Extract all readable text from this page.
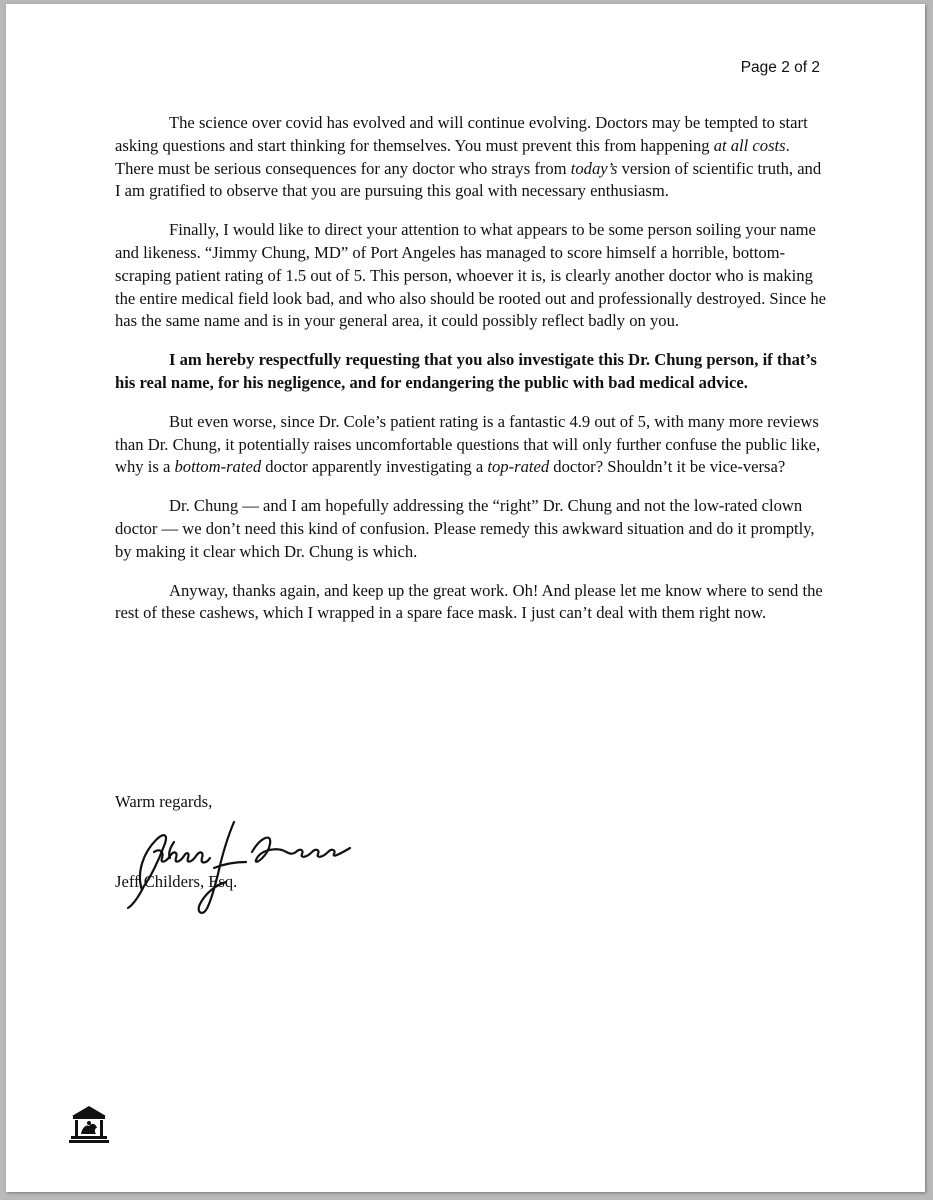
Page 2 of 2

The science over covid has evolved and will continue evolving. Doctors may be tempted to start asking questions and start thinking for themselves. You must prevent this from happening at all costs. There must be serious consequences for any doctor who strays from today’s version of scientific truth, and I am gratified to observe that you are pursuing this goal with necessary enthusiasm.

Finally, I would like to direct your attention to what appears to be some person soiling your name and likeness. “Jimmy Chung, MD” of Port Angeles has managed to score himself a horrible, bottom-scraping patient rating of 1.5 out of 5. This person, whoever it is, is clearly another doctor who is making the entire medical field look bad, and who also should be rooted out and professionally destroyed. Since he has the same name and is in your general area, it could possibly reflect badly on you.

I am hereby respectfully requesting that you also investigate this Dr. Chung person, if that’s his real name, for his negligence, and for endangering the public with bad medical advice.

But even worse, since Dr. Cole’s patient rating is a fantastic 4.9 out of 5, with many more reviews than Dr. Chung, it potentially raises uncomfortable questions that will only further confuse the public like, why is a bottom-rated doctor apparently investigating a top-rated doctor? Shouldn’t it be vice-versa?

Dr. Chung — and I am hopefully addressing the “right” Dr. Chung and not the low-rated clown doctor — we don’t need this kind of confusion. Please remedy this awkward situation and do it promptly, by making it clear which Dr. Chung is which.

Anyway, thanks again, and keep up the great work. Oh! And please let me know where to send the rest of these cashews, which I wrapped in a spare face mask. I just can’t deal with them right now.

Warm regards,
Jeff Childers, Esq.
